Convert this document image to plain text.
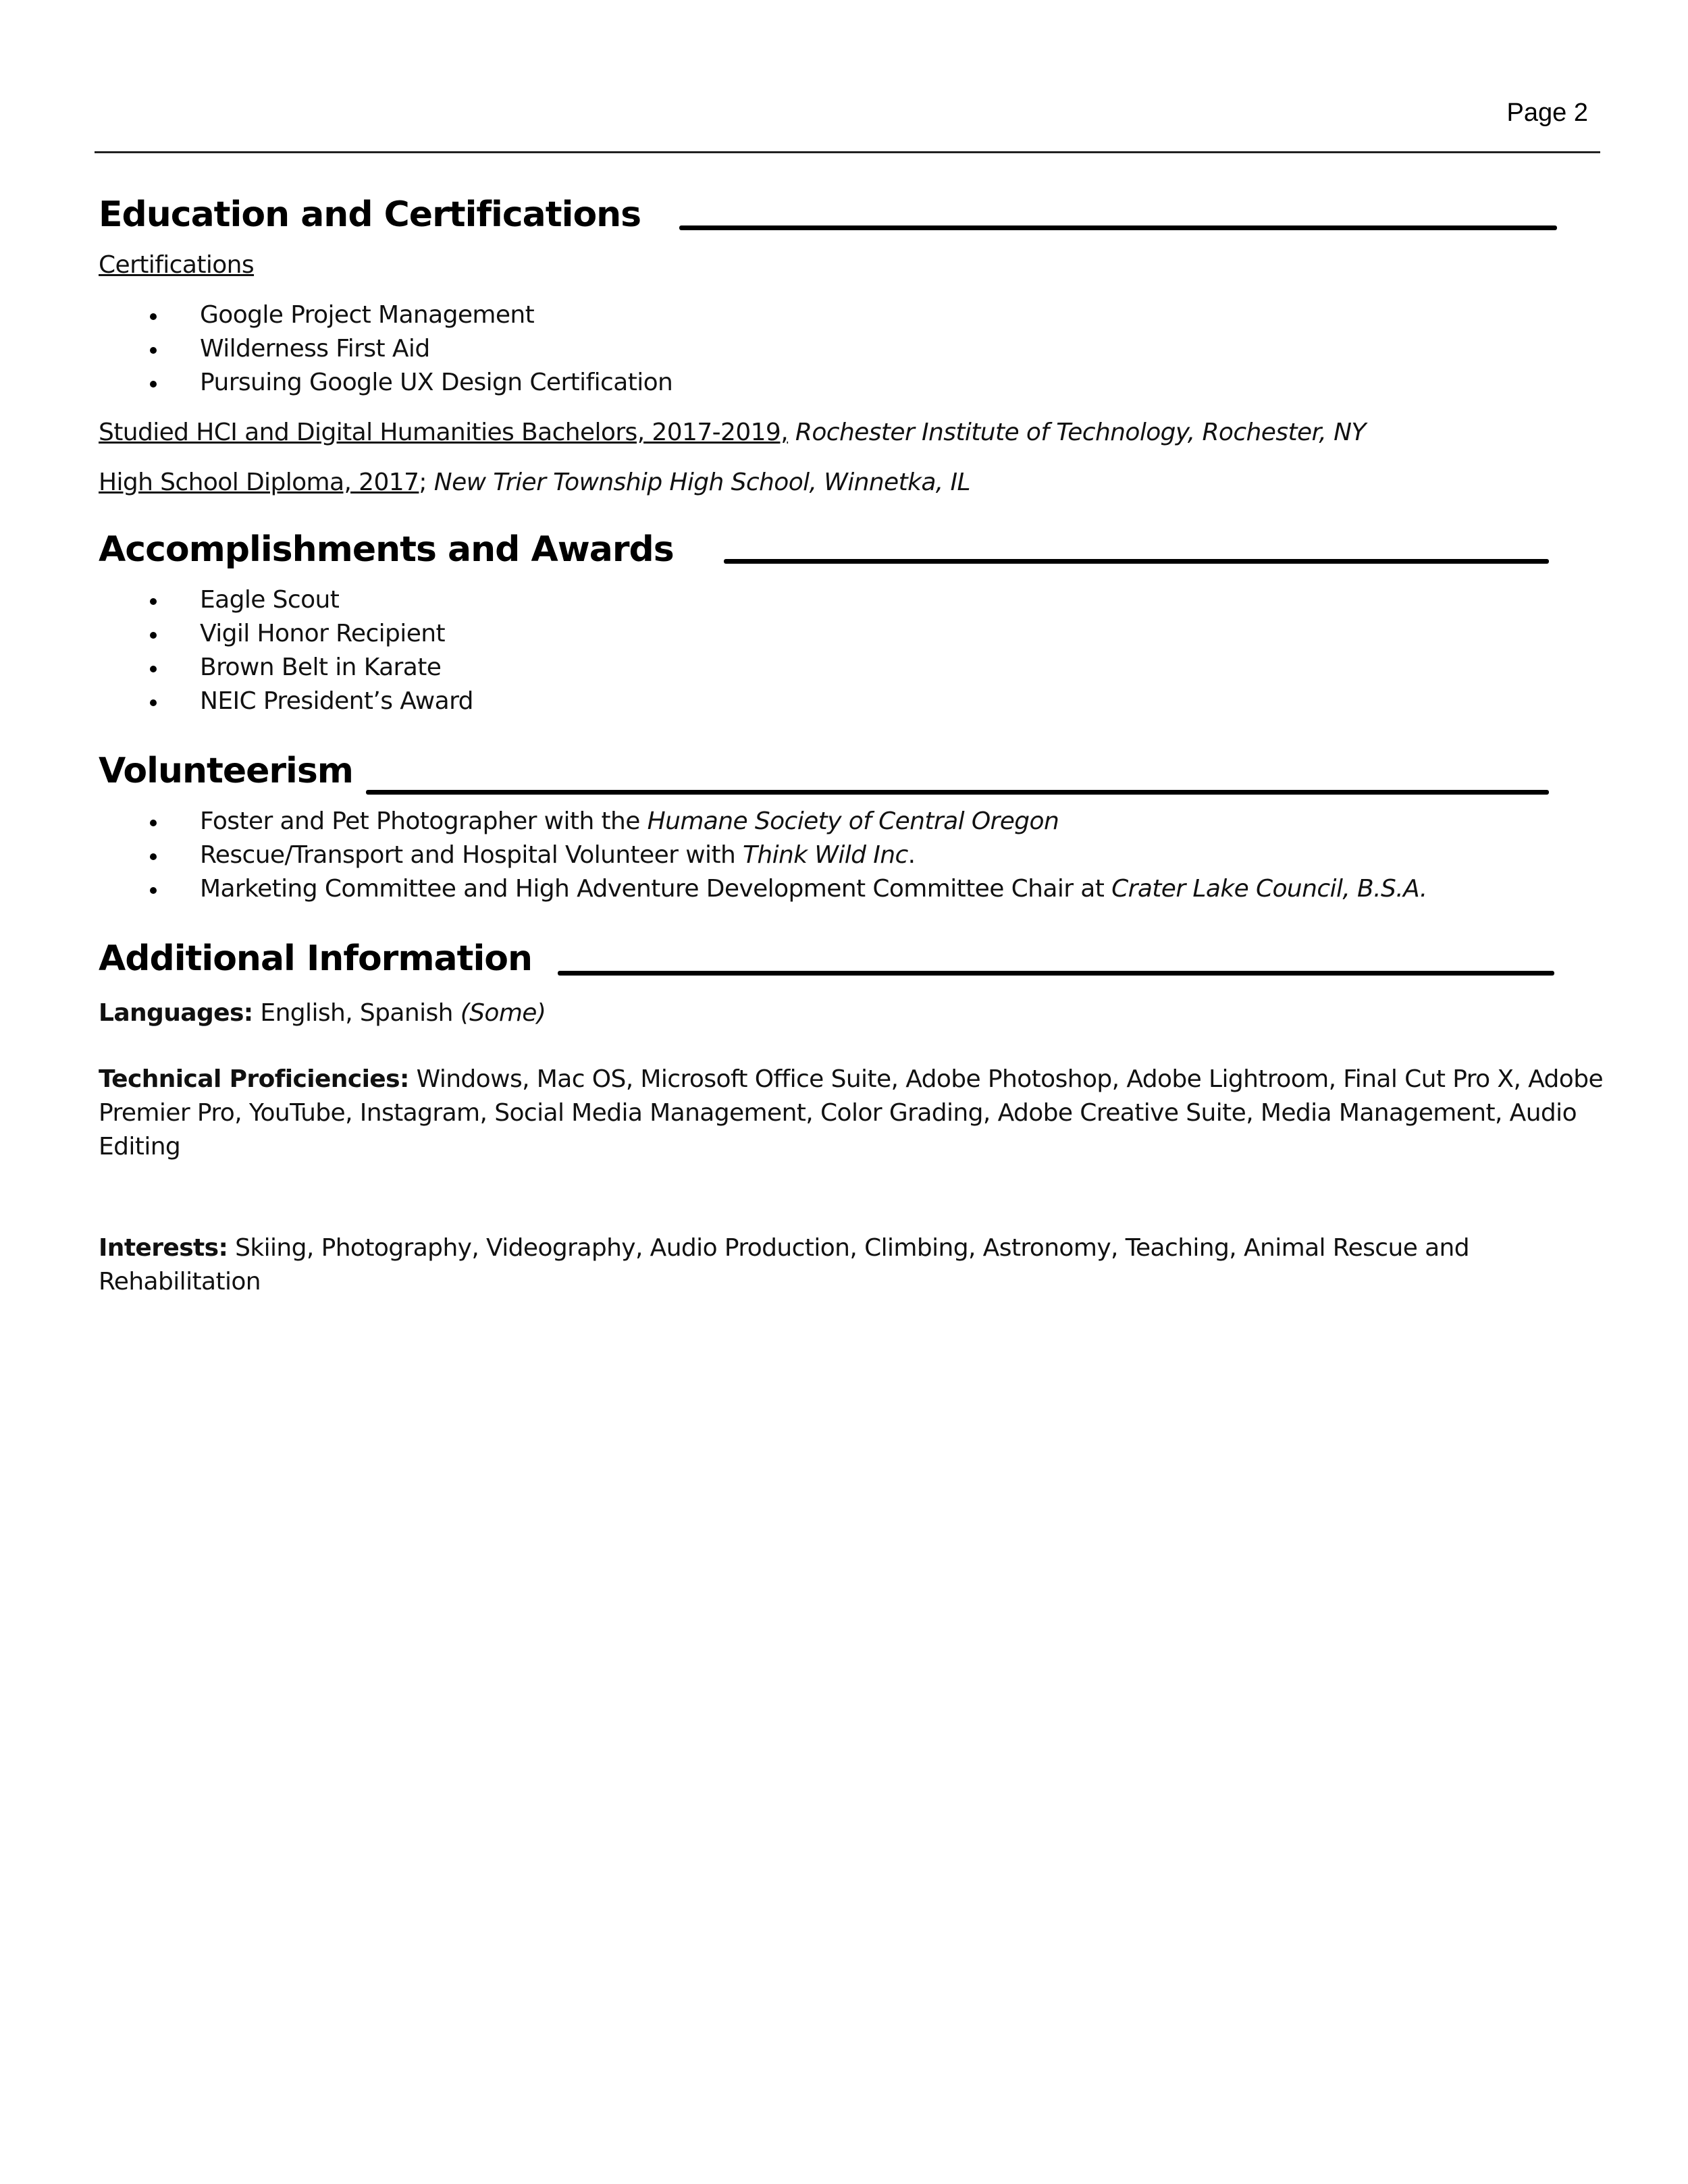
Page 2
Education and Certifications
Certifications
Google Project Management
Wilderness First Aid
Pursuing Google UX Design Certification
Studied HCI and Digital Humanities Bachelors, 2017-2019, Rochester Institute of Technology, Rochester, NY
High School Diploma, 2017; New Trier Township High School, Winnetka, IL
Accomplishments and Awards
Eagle Scout
Vigil Honor Recipient
Brown Belt in Karate
NEIC President’s Award
Volunteerism
Foster and Pet Photographer with the Humane Society of Central Oregon
Rescue/Transport and Hospital Volunteer with Think Wild Inc.
Marketing Committee and High Adventure Development Committee Chair at Crater Lake Council, B.S.A.
Additional Information
Languages: English, Spanish (Some)
Technical Proficiencies: Windows, Mac OS, Microsoft Office Suite, Adobe Photoshop, Adobe Lightroom, Final Cut Pro X, Adobe Premier Pro, YouTube, Instagram, Social Media Management, Color Grading, Adobe Creative Suite, Media Management, Audio Editing
Interests: Skiing, Photography, Videography, Audio Production, Climbing, Astronomy, Teaching, Animal Rescue and Rehabilitation
